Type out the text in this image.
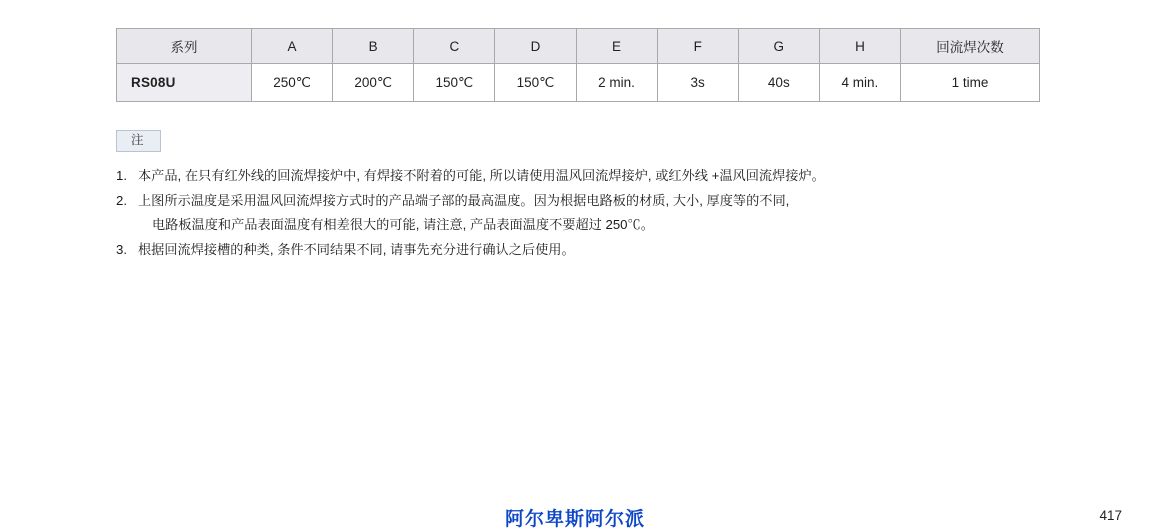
系列	A	B	C	D	E	F	G	H	回流焊次数
RS08U	250℃	200℃	150℃	150℃	2 min.	3s	40s	4 min.	1 time
注
1. 本产品, 在只有红外线的回流焊接炉中, 有焊接不附着的可能, 所以请使用温风回流焊接炉, 或红外线 +温风回流焊接炉。
2. 上图所示温度是采用温风回流焊接方式时的产品端子部的最高温度。因为根据电路板的材质, 大小, 厚度等的不同,
电路板温度和产品表面温度有相差很大的可能, 请注意, 产品表面温度不要超过 250℃。
3. 根据回流焊接槽的种类, 条件不同结果不同, 请事先充分进行确认之后使用。
阿尔卑斯阿尔派	417
